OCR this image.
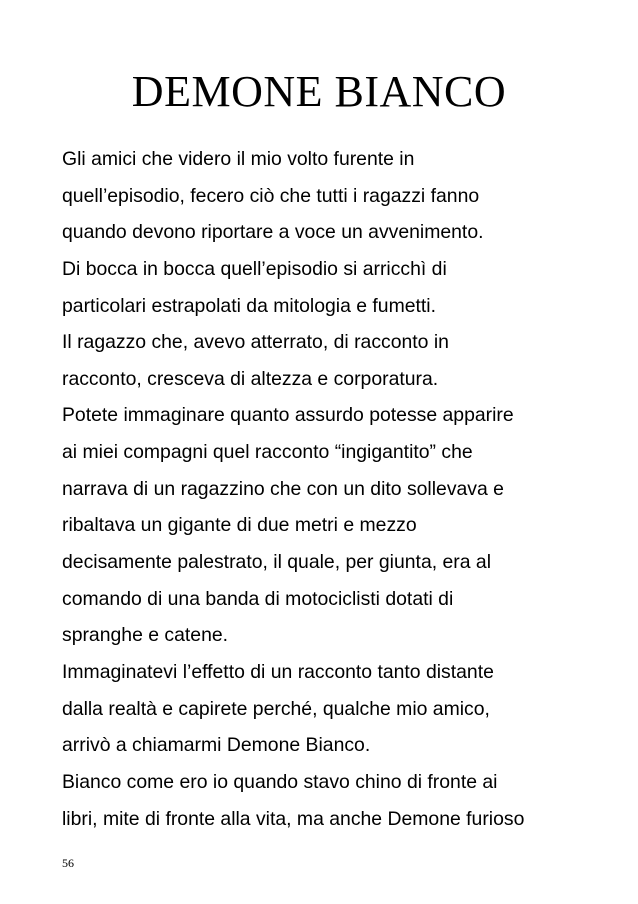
DEMONE BIANCO
Gli amici che videro il mio volto furente in
quell’episodio, fecero ciò che tutti i ragazzi fanno
quando devono riportare a voce un avvenimento.
Di bocca in bocca quell’episodio si arricchì di
particolari estrapolati da mitologia e fumetti.
Il ragazzo che, avevo atterrato, di racconto in
racconto, cresceva di altezza e corporatura.
Potete immaginare quanto assurdo potesse apparire
ai miei compagni quel racconto “ingigantito” che
narrava di un ragazzino che con un dito sollevava e
ribaltava un gigante di due metri e mezzo
decisamente palestrato, il quale, per giunta, era al
comando di una banda di motociclisti dotati di
spranghe e catene.
Immaginatevi l’effetto di un racconto tanto distante
dalla realtà e capirete perché, qualche mio amico,
arrivò a chiamarmi Demone Bianco.
Bianco come ero io quando stavo chino di fronte ai
libri, mite di fronte alla vita, ma anche Demone furioso
56
